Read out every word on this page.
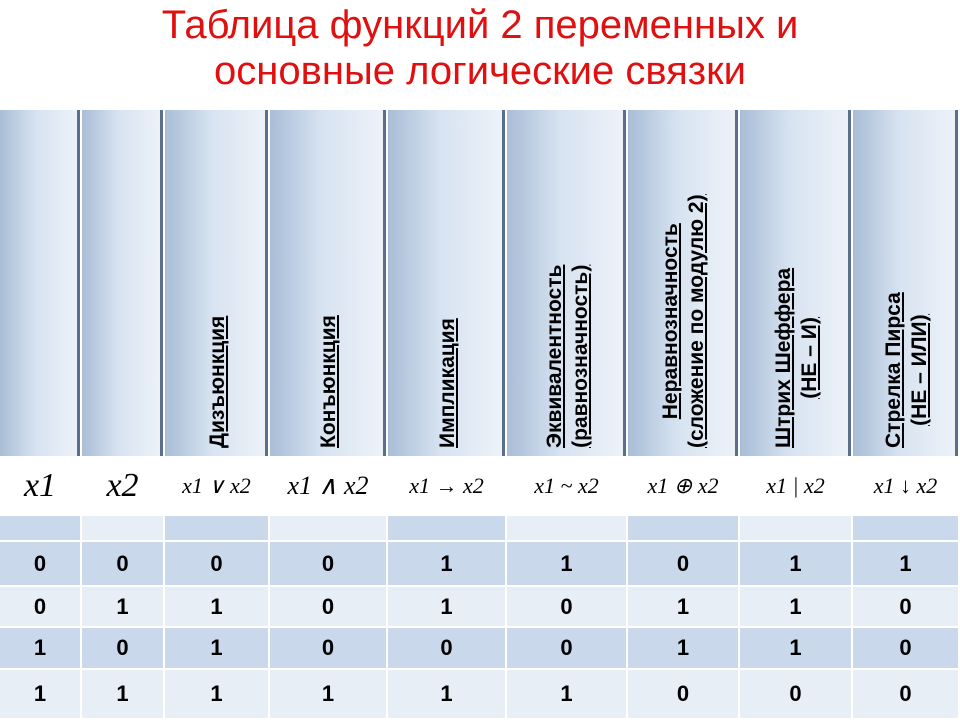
Таблица функций 2 переменных и
основные логические связки
x1
0
0
1
1
x2
0
1
0
1
Дизъюнкция
x1 ∨ x2
0
1
1
1
Конъюнкция
x1 ∧ x2
0
0
0
1
Импликация
x1 → x2
1
1
0
1
Эквивалентность (равнозначность)
x1 ~ x2
1
0
0
1
Неравнозначность (сложение по модулю 2)
x1 ⊕ x2
0
1
1
0
Штрих Шеффера (НЕ – И)
x1 | x2
1
1
1
0
Стрелка Пирса (НЕ – ИЛИ)
x1 ↓ x2
1
0
0
0
